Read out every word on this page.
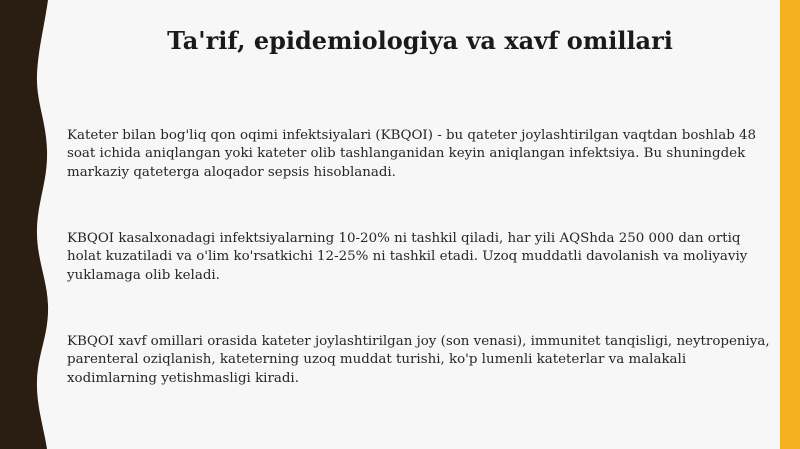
Ta'rif, epidemiologiya va xavf omillari

Kateter bilan bog'liq qon oqimi infektsiyalari (KBQOI) - bu qateter joylashtirilgan vaqtdan boshlab 48 soat ichida aniqlangan yoki kateter olib tashlanganidan keyin aniqlangan infektsiya. Bu shuningdek markaziy qateterga aloqador sepsis hisoblanadi.

KBQOI kasalxonadagi infektsiyalarning 10-20% ni tashkil qiladi, har yili AQShda 250 000 dan ortiq holat kuzatiladi va o'lim ko'rsatkichi 12-25% ni tashkil etadi. Uzoq muddatli davolanish va moliyaviy yuklamaga olib keladi.

KBQOI xavf omillari orasida kateter joylashtirilgan joy (son venasi), immunitet tanqisligi, neytropeniya, parenteral oziqlanish, kateterning uzoq muddat turishi, ko'p lumenli kateterlar va malakali xodimlarning yetishmasligi kiradi.
